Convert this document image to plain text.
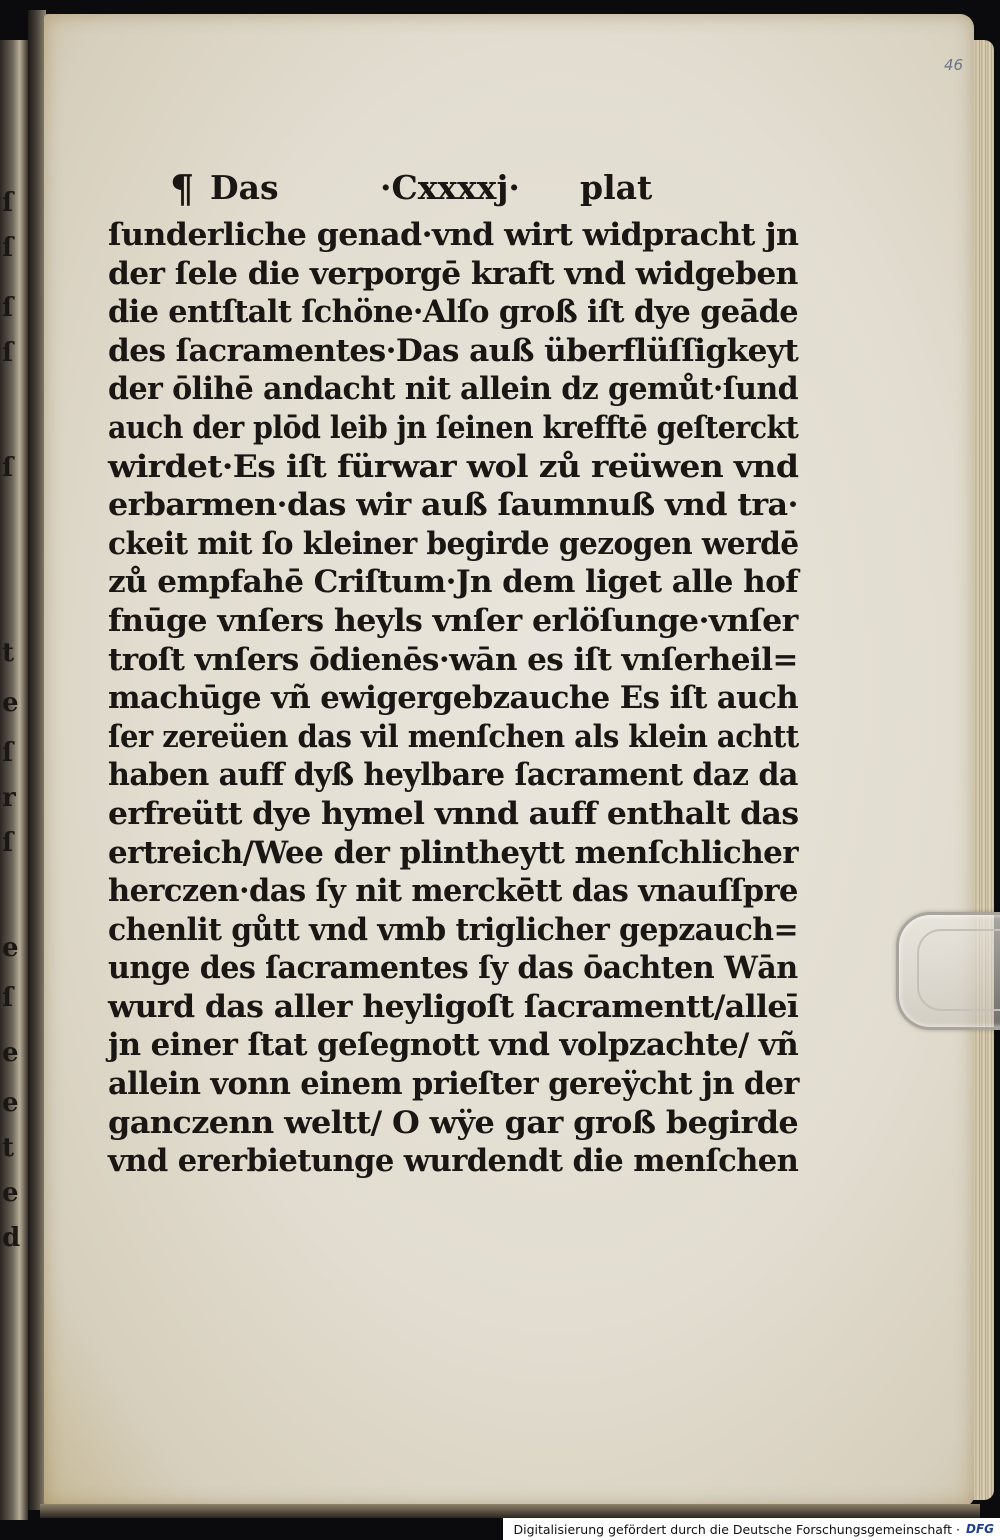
ſ
ſ
ſ
ſ
ſ
t
e
ſ
r
ſ
e
ſ
e
e
t
e
d
46
¶ Das	·Cxxxxj· plat
ſunderliche genad·vnd wirt widpracht jn
der ſele die verporgē kraft vnd widgeben
die entſtalt ſchöne·Alſo groß iſt dye geāde
des ſacramentes·Das auß überflüſſigkeyt
der ōlihē andacht nit allein dz gemůt·ſund
auch der plōd leib jn ſeinen krefftē geſterckt
wirdet·Es iſt fürwar wol zů reüwen vnd
erbarmen·das wir auß ſaumnuß vnd tra·
ckeit mit ſo kleiner begirde gezogen werdē
zů empfahē Criſtum·Jn dem liget alle hof
fnūge vnſers heyls vnſer erlöſunge·vnſer
troſt vnſers ōdienēs·wān es iſt vnſerheil=
machūge vñ ewigergebzauche Es iſt auch
ſer zereüen das vil menſchen als klein achtt
haben auff dyß heylbare ſacrament daz da
erfreütt dye hymel vnnd auff enthalt das
ertreich/Wee der plintheytt menſchlicher
herczen·das ſy nit merckētt das vnauſſpre
chenlit gůtt vnd vmb triglicher gepzauch=
unge des ſacramentes ſy das ōachten Wān
wurd das aller heyligoſt ſacramentt/alleī
jn einer ſtat geſegnott vnd volpzachte/ vñ
allein vonn einem prieſter gereÿcht jn der
ganczenn weltt/ O wÿe gar groß begirde
vnd ererbietunge wurdendt die menſchen
Digitalisierung gefördert durch die Deutsche Forschungsgemeinschaft · DFG
